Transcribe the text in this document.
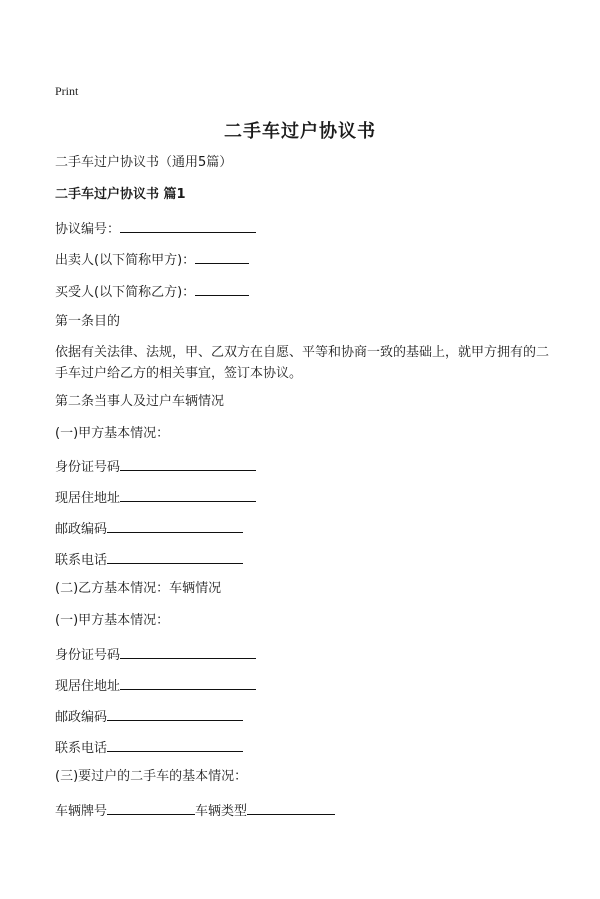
Print
二手车过户协议书
二手车过户协议书（通用5篇）
二手车过户协议书 篇1
协议编号：
出卖人(以下简称甲方)：
买受人(以下简称乙方)：
第一条目的
依据有关法律、法规，甲、乙双方在自愿、平等和协商一致的基础上，就甲方拥有的二手车过户给乙方的相关事宜，签订本协议。
第二条当事人及过户车辆情况
(一)甲方基本情况：
身份证号码
现居住地址
邮政编码
联系电话
(二)乙方基本情况：车辆情况
(一)甲方基本情况：
身份证号码
现居住地址
邮政编码
联系电话
(三)要过户的二手车的基本情况：
车辆牌号	车辆类型
